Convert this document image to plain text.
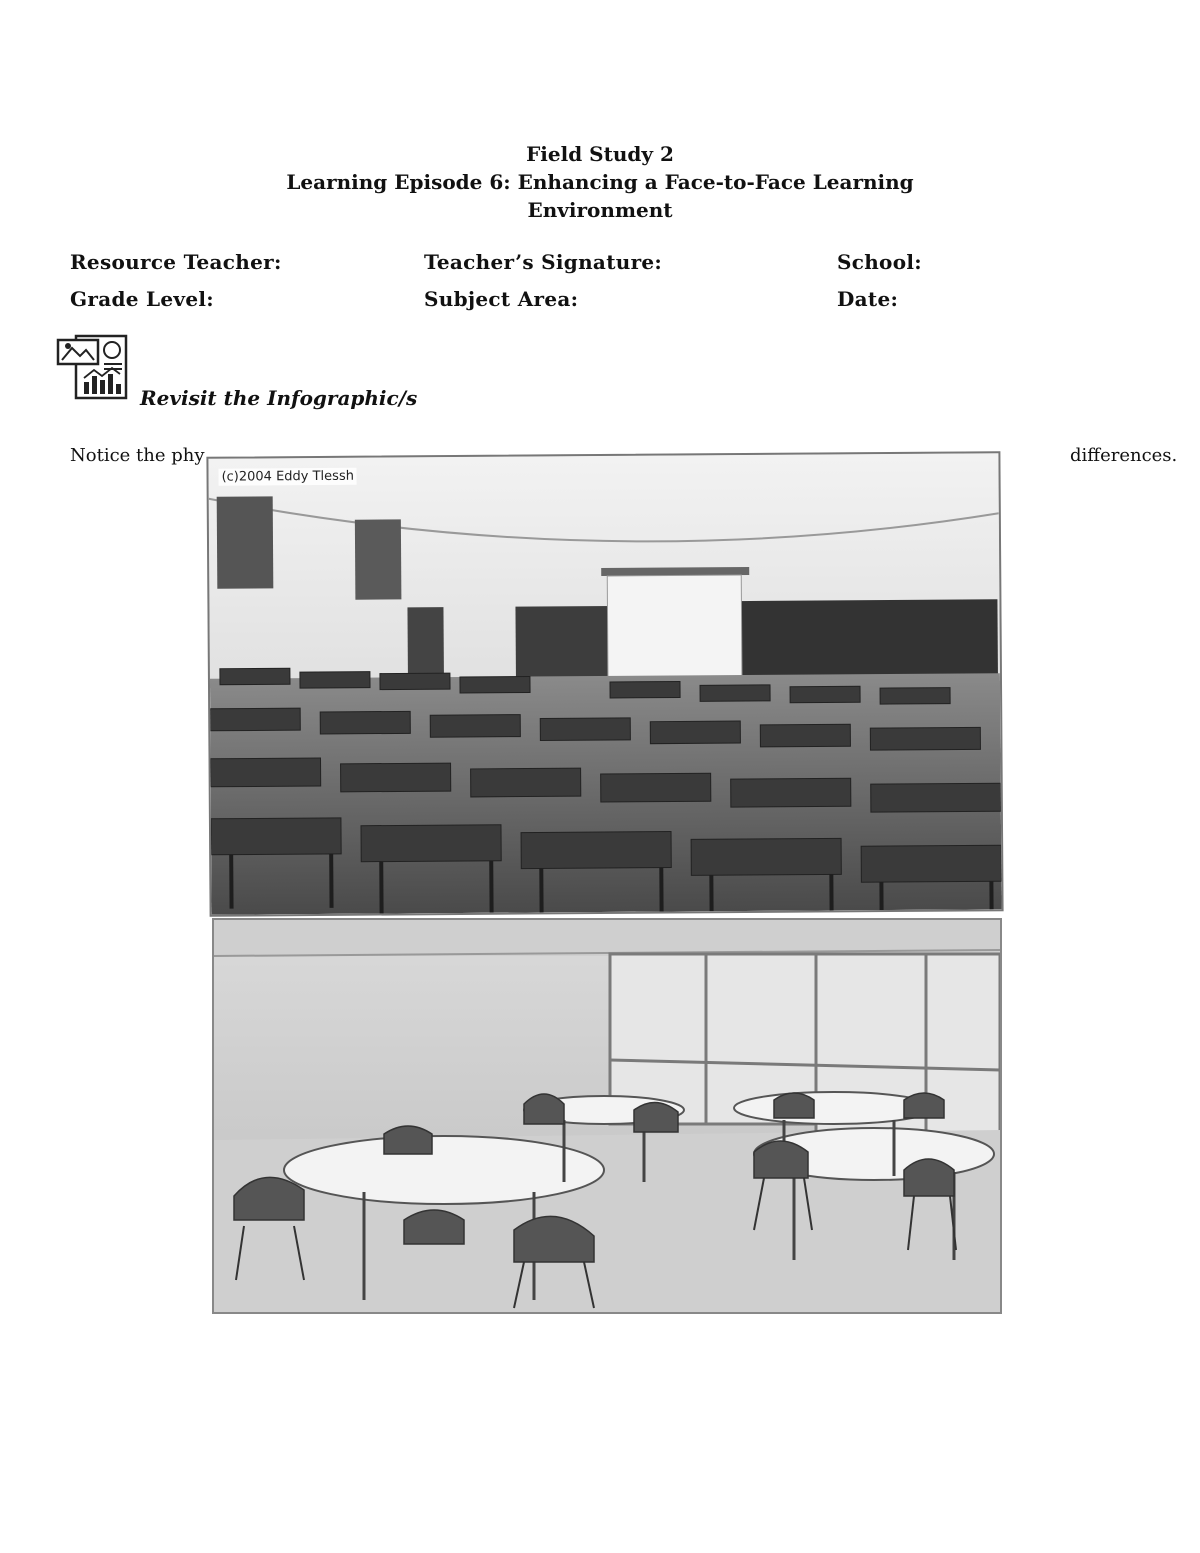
Field Study 2
Learning Episode 6: Enhancing a Face-to-Face Learning
Environment
Resource Teacher:	Teacher’s Signature:	School:
Grade Level:	Subject Area:	Date:
Revisit the Infographic/s
Notice the phy	differences.
(c)2004 Eddy Tlessh
